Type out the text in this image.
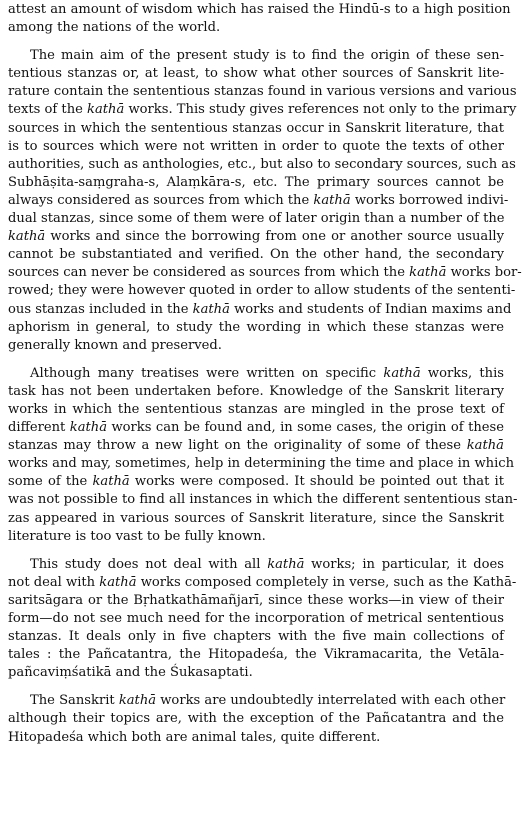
attest an amount of wisdom which has raised the Hindū-s to a high position
among the nations of the world.
The main aim of the present study is to find the origin of these sen-
tentious stanzas or, at least, to show what other sources of Sanskrit lite-
rature contain the sententious stanzas found in various versions and various
texts of the kathā works. This study gives references not only to the primary
sources in which the sententious stanzas occur in Sanskrit literature, that
is to sources which were not written in order to quote the texts of other
authorities, such as anthologies, etc., but also to secondary sources, such as
Subhāṣita-saṃgraha-s, Alaṃkāra-s, etc. The primary sources cannot be
always considered as sources from which the kathā works borrowed indivi-
dual stanzas, since some of them were of later origin than a number of the
kathā works and since the borrowing from one or another source usually
cannot be substantiated and verified. On the other hand, the secondary
sources can never be considered as sources from which the kathā works bor-
rowed; they were however quoted in order to allow students of the sententi-
ous stanzas included in the kathā works and students of Indian maxims and
aphorism in general, to study the wording in which these stanzas were
generally known and preserved.
Although many treatises were written on specific kathā works, this
task has not been undertaken before. Knowledge of the Sanskrit literary
works in which the sententious stanzas are mingled in the prose text of
different kathā works can be found and, in some cases, the origin of these
stanzas may throw a new light on the originality of some of these kathā
works and may, sometimes, help in determining the time and place in which
some of the kathā works were composed. It should be pointed out that it
was not possible to find all instances in which the different sententious stan-
zas appeared in various sources of Sanskrit literature, since the Sanskrit
literature is too vast to be fully known.
This study does not deal with all kathā works; in particular, it does
not deal with kathā works composed completely in verse, such as the Kathā-
saritsāgara or the Bṛhatkathāmañjarī, since these works—in view of their
form—do not see much need for the incorporation of metrical sententious
stanzas. It deals only in five chapters with the five main collections of
tales : the Pañcatantra, the Hitopadeśa, the Vikramacarita, the Vetāla-
pañcaviṃśatikā and the Śukasaptati.
The Sanskrit kathā works are undoubtedly interrelated with each other
although their topics are, with the exception of the Pañcatantra and the
Hitopadeśa which both are animal tales, quite different.
